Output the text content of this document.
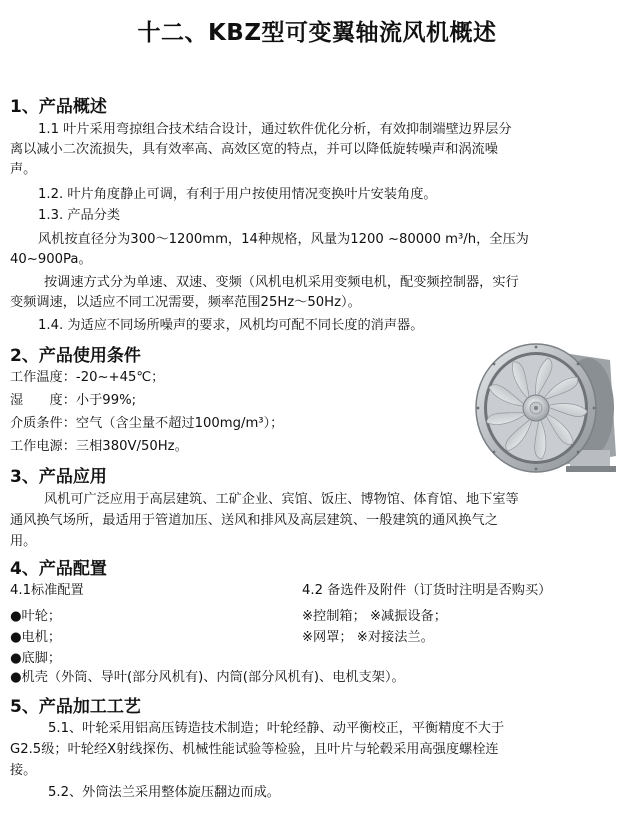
十二、KBZ型可变翼轴流风机概述
1、产品概述
1.1 叶片采用弯掠组合技术结合设计，通过软件优化分析，有效抑制端壁边界层分
离以减小二次流损失，具有效率高、高效区宽的特点，并可以降低旋转噪声和涡流噪
声。
1.2. 叶片角度静止可调，有利于用户按使用情况变换叶片安装角度。
1.3. 产品分类
风机按直径分为300～1200mm，14种规格，风量为1200 ~80000 m³/h，全压为
40~900Pa。
按调速方式分为单速、双速、变频（风机电机采用变频电机，配变频控制器，实行
变频调速，以适应不同工况需要，频率范围25Hz～50Hz）。
1.4. 为适应不同场所噪声的要求，风机均可配不同长度的消声器。
2、产品使用条件
工作温度：-20~+45℃；
湿　　度：小于99%;
介质条件：空气（含尘量不超过100mg/m³）；
工作电源：三相380V/50Hz。
3、产品应用
风机可广泛应用于高层建筑、工矿企业、宾馆、饭庄、博物馆、体育馆、地下室等
通风换气场所，最适用于管道加压、送风和排风及高层建筑、一般建筑的通风换气之
用。
4、产品配置
4.1标准配置	4.2 备选件及附件（订货时注明是否购买）
●叶轮；
●电机；
●底脚；
●机壳（外筒、导叶(部分风机有)、内筒(部分风机有)、电机支架）。
※控制箱； ※减振设备；
※网罩； ※对接法兰。
5、产品加工工艺
5.1、叶轮采用铝高压铸造技术制造；叶轮经静、动平衡校正，平衡精度不大于
G2.5级；叶轮经X射线探伤、机械性能试验等检验，且叶片与轮毂采用高强度螺栓连
接。
5.2、外筒法兰采用整体旋压翻边而成。
